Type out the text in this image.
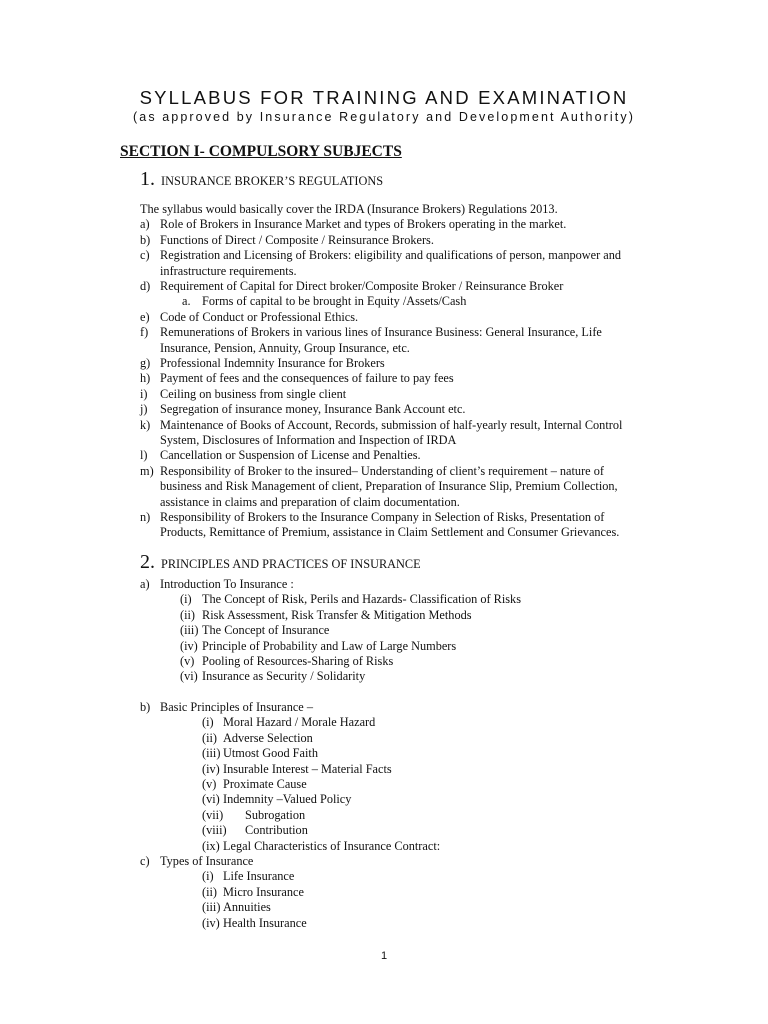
SYLLABUS FOR TRAINING AND EXAMINATION
(as approved by Insurance Regulatory and Development Authority)
SECTION I- COMPULSORY SUBJECTS
1. INSURANCE BROKER’S REGULATIONS
The syllabus would basically cover the IRDA (Insurance Brokers) Regulations 2013.
a) Role of Brokers in Insurance Market and types of Brokers operating in the market.
b) Functions of Direct / Composite / Reinsurance Brokers.
c) Registration and Licensing of Brokers: eligibility and qualifications of person, manpower and
infrastructure requirements.
d) Requirement of Capital for Direct broker/Composite Broker / Reinsurance Broker
a. Forms of capital to be brought in Equity /Assets/Cash
e) Code of Conduct or Professional Ethics.
f) Remunerations of Brokers in various lines of Insurance Business: General Insurance, Life
Insurance, Pension, Annuity, Group Insurance, etc.
g) Professional Indemnity Insurance for Brokers
h) Payment of fees and the consequences of failure to pay fees
i) Ceiling on business from single client
j) Segregation of insurance money, Insurance Bank Account etc.
k) Maintenance of Books of Account, Records, submission of half-yearly result, Internal Control
System, Disclosures of Information and Inspection of IRDA
l) Cancellation or Suspension of License and Penalties.
m) Responsibility of Broker to the insured– Understanding of client’s requirement – nature of
business and Risk Management of client, Preparation of Insurance Slip, Premium Collection,
assistance in claims and preparation of claim documentation.
n) Responsibility of Brokers to the Insurance Company in Selection of Risks, Presentation of
Products, Remittance of Premium, assistance in Claim Settlement and Consumer Grievances.
2. PRINCIPLES AND PRACTICES OF INSURANCE
a) Introduction To Insurance :
(i) The Concept of Risk, Perils and Hazards- Classification of Risks
(ii) Risk Assessment, Risk Transfer & Mitigation Methods
(iii) The Concept of Insurance
(iv) Principle of Probability and Law of Large Numbers
(v) Pooling of Resources-Sharing of Risks
(vi) Insurance as Security / Solidarity
b) Basic Principles of Insurance –
(i) Moral Hazard / Morale Hazard
(ii) Adverse Selection
(iii) Utmost Good Faith
(iv) Insurable Interest – Material Facts
(v) Proximate Cause
(vi) Indemnity –Valued Policy
(vii) Subrogation
(viii) Contribution
(ix) Legal Characteristics of Insurance Contract:
c) Types of Insurance
(i) Life Insurance
(ii) Micro Insurance
(iii) Annuities
(iv) Health Insurance
1
